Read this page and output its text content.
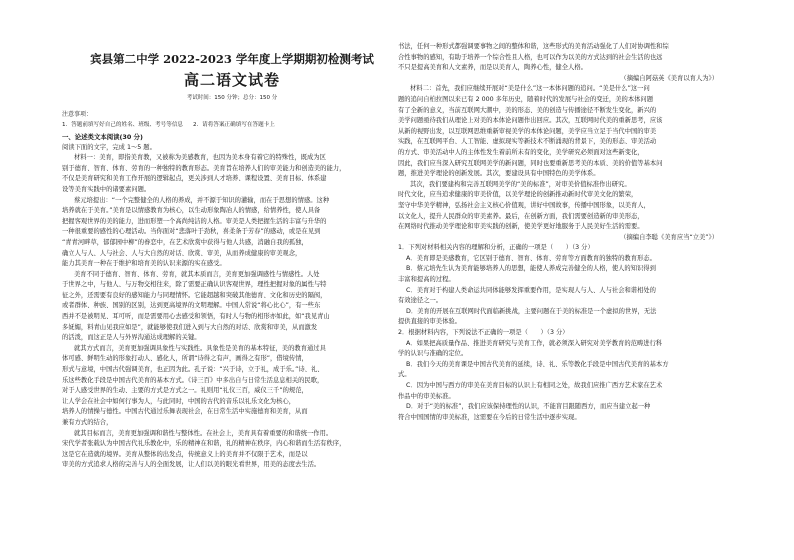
宾县第二中学 2022-2023 学年度上学期期初检测考试
高二语文试卷
考试时间：150 分钟；总分：150 分
注意事项：
1．答题前填写好自己的姓名、班级、考号等信息 2．请将答案正确填写在答题卡上
一、论述类文本阅读(30 分)

阅读下面的文字，完成 1～5 题。

材料一：美育，即指美育教，又被称为美感教育，也因为美本身有着它的特殊性，既成为区

别于德育、智育、体育、劳育的一种独特的教育形态。美育旨在培养人们的审美能力和创造美的能力，

不仅是美育研究和美育工作开展的逻辑起点，更关涉到人才培养、课程设置、美育目标、体系建

设等美育实践中的诸要素问题。

蔡元培提出：“一个完整健全的人格的养成，并不源于知识的灌输，而在于思想的情感。这种

培养就在于美育。”美育是以情感教育为核心，以生动形象陶冶人的情感，给情养性，使人具备

把握客观世界的美的能力，进而形塑一个高尚纯洁的人格。审美是人类把握生活的丰富与升华的

一种很重要的感性的心理活动。当你面对“悲落叶于劲秋，喜柔条于芳春”的感动，或是在见到

“青青河畔草，郁郁园中柳”的眷恋中，在艺术欣赏中获得与他人共感，消融自我的孤独，

确立人与人、人与社会、人与大自然的对话、欣赏、审美，从而养成健康的审美观念，

能力其美育一种在于维护和培育美的认识来源的实在感受。

美育不同于德育、智育、体育、劳育，就其本质而言，美育更加强调感性与情感性。人处

于世界之中，与他人、与万物交相往来，除了需要正确认识客观世界，理性把握对象的属性与特

征之外，还需要有良好的感知能力与同理情怀。它能超越和突破其他德育、文化和历史的隔阂，

或者群体、种族、国别的区别，达到更高境界的文明理解。中国人常说“将心比心”，有一些东

西并不是被明见、耳可听，而是需要用心去感受和领悟，有时人与物的相形亦如此，如“我见青山

多妩媚，料青山见我应如是”，就能够使我们进入到与大自然的对话、欣赏和审美，从而激发

的活泼，而这正是人与外界沟通达成理解的关键。

就其方式而言，美育更加强调具象性与实践性。具象性是美育的基本特征，美的教育通过具

体可感、鲜明生动的形象打动人、感化人，所谓“诗得之有声，画得之有形”，借境传情，

形式与意境，中国古代强调美育，也正因为此。孔子说：“兴于诗，立于礼，成于乐。”诗、礼、

乐这些教化手段是中国古代美育的基本方式。《诗三百》中多出自与日常生活息息相关的民歌，

对于人感受世界的生动、主要的方式是方式之一。礼则用“礼仪三百，威仪三千”的规范，

让人学会在社会中如何行事为人，与此同时，中国的古代的音乐以礼乐文化为核心，

培养人的情操与德性。中国古代通过乐舞表现社会，在日常生活中实施德育和美育，从而

兼有方式的结合，

就其目标而言，美育更加强调和谐性与整体性。在社会上，美育具有着重要的和谐统一作用。

宋代学者张载认为中国古代礼乐教化中，乐的精神在和谐，礼的精神在秩序，内心和谐而生活有秩序，

这是它在造就的境界。美育从整体的出发点，传统意义上的美育并不仅限于艺术，而是以

审美的方式追求人格的完善与人的全面发展，让人们以美的眼光看世界，用美的态度去生活。

书法，任何一种形式都强调要事物之间的整体和谐，这些形式的美育活动强化了人们对协调性和综

合性事物的感知，有助于培养一个综合性且人格，也可以作为以美的方式达到的社会生活的也远

不只是提高美育和人文素养，而是以美育人，陶养心性，健全人格。

（摘编自阿菇英《美育以育人为》）

材料二：首先，我们应继续开展对“美是什么”这一本体问题的追问。“美是什么”这一问

题的追问自柏拉图以来已有 2 000 多年历史，随着时代的发展与社会的变迁，美的本体问题

有了全新的意义，当前互联网大潮中，美的形态、美的创造与传播途径不断发生变化，新兴的

美学问题亟待我们从理论上对美的本体论问题作出回应。其次，互联网时代美的重新思考，应该

从新的视野出发，以互联网思维重新审视美学的本体论问题，美学应当立足于当代中国的审美

实践，在互联网平台、人工智能、虚拟现实等新技术不断涌现的背景下，美的形态、审美活动

的方式、审美活动中人的主体性发生着前所未有的变化，美学研究必须面对这些新变化，

因此，我们应当深入研究互联网美学的新问题，同时也要重新思考美的本质、美的价值等基本问

题，推进美学理论的创新发展。其次，要建设具有中国特色的美学体系。

其次，我们要建构和完善互联网美学的“美的标准”，对审美价值标准作出研究。

时代文化，应当追求健康的审美价值，以美学理论的创新推动新时代审美文化的繁荣，

坚守中华美学精神，弘扬社会主义核心价值观，讲好中国故事，传播中国形象，以美育人，

以文化人，提升人民群众的审美素养。最后，在创新方面，我们需要创造新的审美形态，

在网络时代推动美学理论和审美实践的创新，使美学更好地服务于人民美好生活的需要。

（摘编自李聪《美育应当“立美”》）

1．下列对材料相关内容的理解和分析，正确的一项是（　　）（3 分）

A．美育即是美感教育，它区别于德育、智育、体育、劳育等方面教育的独特的教育形态。

B．蔡元培先生认为美育能够培养人的思想，能使人养成完善健全的人格，使人的知识得到

丰富和提高的过程。

C．美育对于构建人类命运共同体能够发挥重要作用，是实现人与人、人与社会和谐相处的

有效途径之一。

D．美育的开展在互联网时代面临新挑战，主要问题在于美的标准是一个虚拟的世界，无法

提供直接的审美体验。

2．根据材料内容，下列说法不正确的一项是（　　）（3 分）

A．如果把高质量作品、推进美育研究与美育工作，就必须深入研究对美学教育的范畴进行科

学的认识与准确的定位。

B．我们今天的美育课是中国古代美育的延续，诗、礼、乐等教化手段是中国古代美育的基本方

式。

C．因为中国与西方的审美在美育目标的认识上有相同之处，故我们应推广西方艺术家在艺术

作品中的审美标准。

D．对于“美的标准”，我们应该保持理性的认识，不能盲目跟随西方，而应当建立起一种

符合中国国情的审美标准，这需要在今后的日常生活中逐步实现。
